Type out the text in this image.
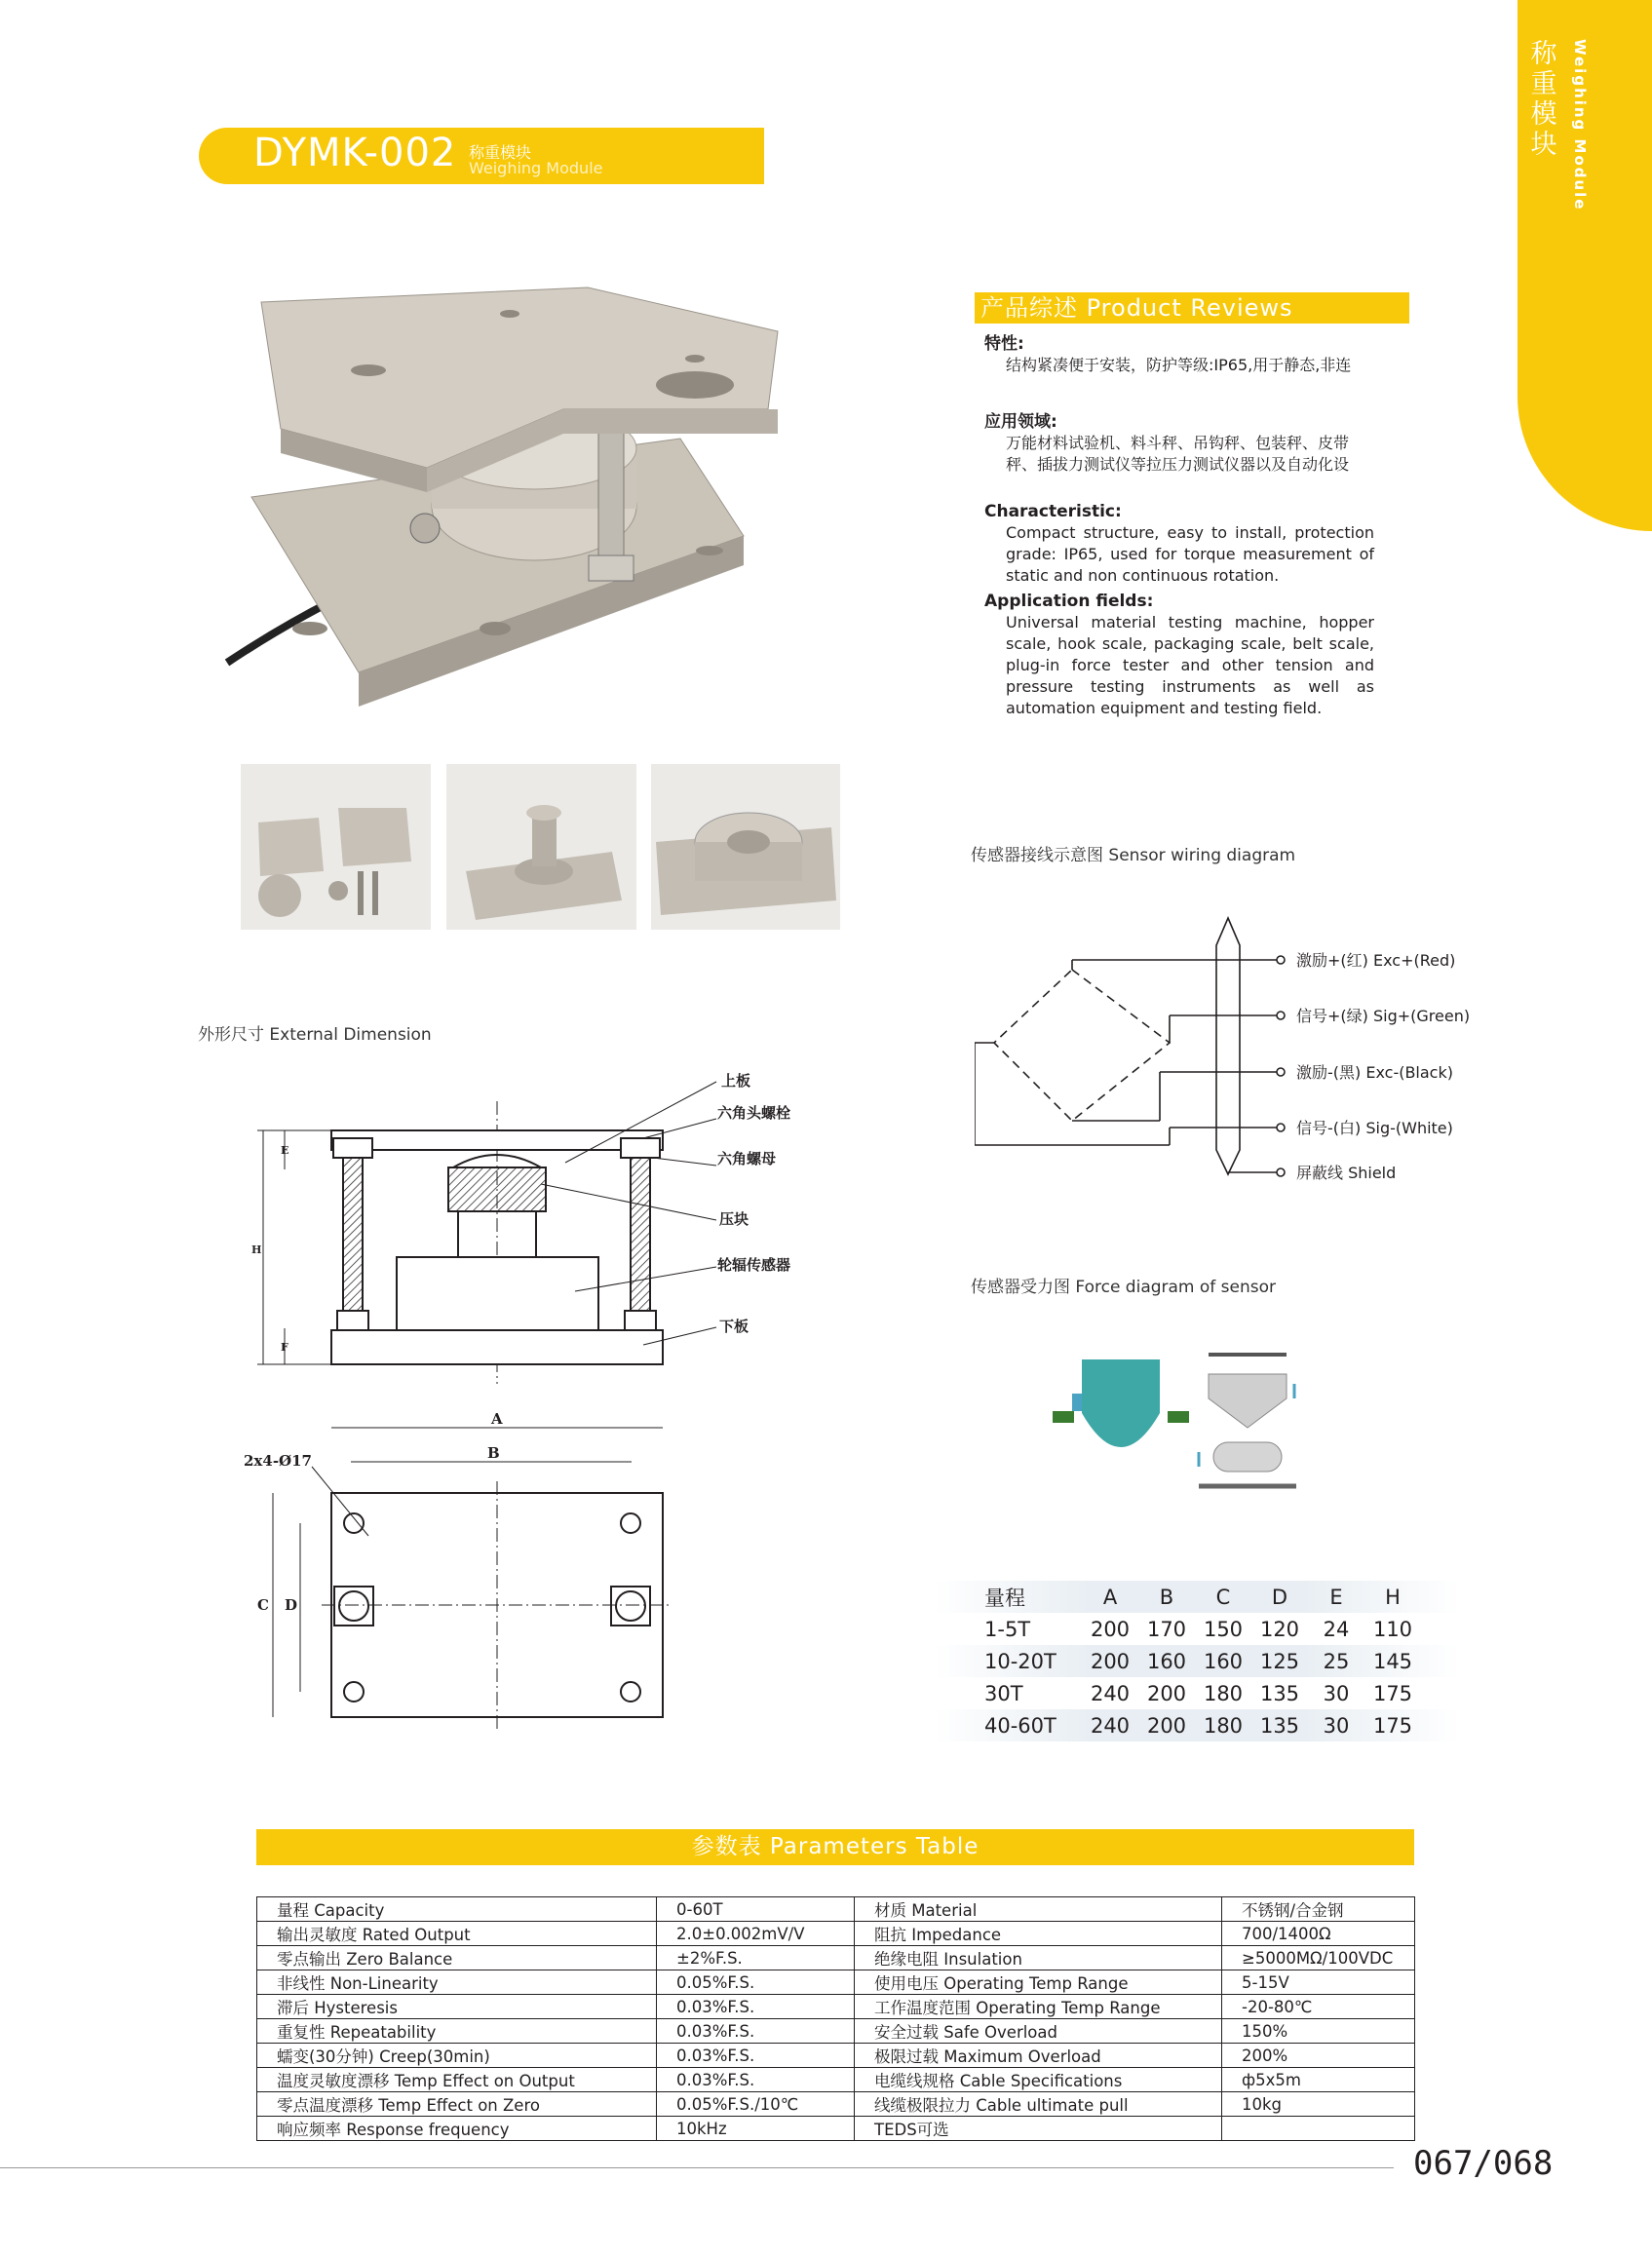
DYMK-002 称重模块
Weighing Module
称重模块 Weighing Module
产品综述 Product Reviews
特性:
结构紧凑便于安装，防护等级:IP65,用于静态,非连
应用领域:
万能材料试验机、料斗秤、吊钩秤、包装秤、皮带
秤、插拔力测试仪等拉压力测试仪器以及自动化设
Characteristic:
Compact structure, easy to install, protection grade: IP65, used for torque measurement of static and non continuous rotation.
Application fields:
Universal material testing machine, hopper scale, hook scale, packaging scale, belt scale, plug-in force tester and other tension and pressure testing instruments as well as automation equipment and testing field.
外形尺寸 External Dimension
传感器接线示意图 Sensor wiring diagram
传感器受力图 Force diagram of sensor
上板
六角头螺栓
六角螺母
压块
轮辐传感器
下板
2x4-Ø17
A
B
C D
E
H
F
激励+(红) Exc+(Red)
信号+(绿) Sig+(Green)
激励-(黑) Exc-(Black)
信号-(白) Sig-(White)
屏蔽线 Shield
量程	A	B	C	D	E	H
1-5T	200 170 150 120	24	110
10-20T	200 160 160 125	25	145
30T	240 200 180 135	30	175
40-60T	240 200 180 135	30	175
参数表 Parameters Table
量程 Capacity	0-60T	材质 Material	不锈钢/合金钢
输出灵敏度 Rated Output	2.0±0.002mV/V	阻抗 Impedance	700/1400Ω
零点输出 Zero Balance	±2%F.S.	绝缘电阻 Insulation	≥5000MΩ/100VDC
非线性 Non-Linearity	0.05%F.S.	使用电压 Operating Temp Range	5-15V
滞后 Hysteresis	0.03%F.S.	工作温度范围 Operating Temp Range	-20-80℃
重复性 Repeatability	0.03%F.S.	安全过载 Safe Overload	150%
蠕变(30分钟) Creep(30min)	0.03%F.S.	极限过载 Maximum Overload	200%
温度灵敏度漂移 Temp Effect on Output	0.03%F.S.	电缆线规格 Cable Specifications	ф5x5m
零点温度漂移 Temp Effect on Zero	0.05%F.S./10℃	线缆极限拉力 Cable ultimate pull	10kg
响应频率 Response frequency	10kHz	TEDS可选	
067/068
